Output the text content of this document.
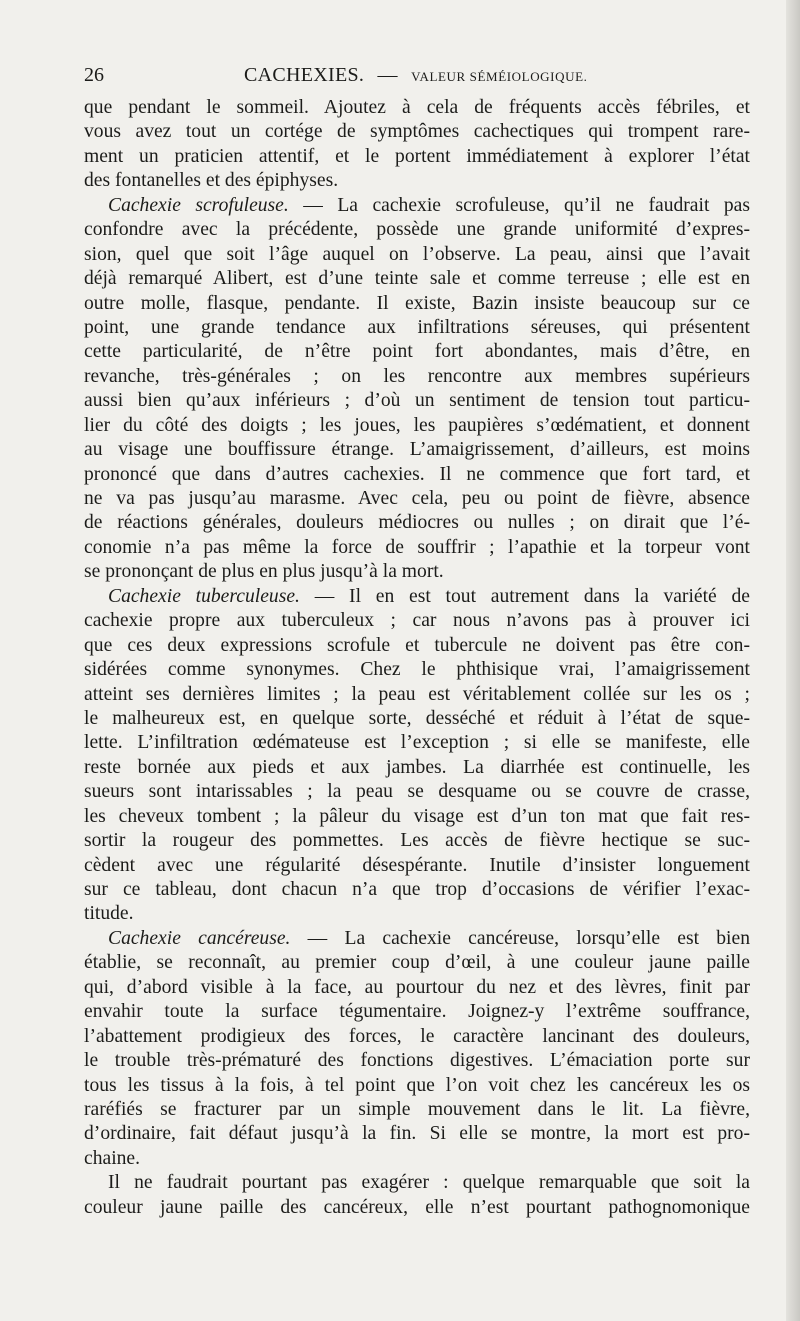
26	CACHEXIES. — VALEUR SÉMÉIOLOGIQUE.
que pendant le sommeil. Ajoutez à cela de fréquents accès fébriles, et
vous avez tout un cortége de symptômes cachectiques qui trompent rare-
ment un praticien attentif, et le portent immédiatement à explorer l’état
des fontanelles et des épiphyses.
Cachexie scrofuleuse. — La cachexie scrofuleuse, qu’il ne faudrait pas
confondre avec la précédente, possède une grande uniformité d’expres-
sion, quel que soit l’âge auquel on l’observe. La peau, ainsi que l’avait
déjà remarqué Alibert, est d’une teinte sale et comme terreuse ; elle est en
outre molle, flasque, pendante. Il existe, Bazin insiste beaucoup sur ce
point, une grande tendance aux infiltrations séreuses, qui présentent
cette particularité, de n’être point fort abondantes, mais d’être, en
revanche, très-générales ; on les rencontre aux membres supérieurs
aussi bien qu’aux inférieurs ; d’où un sentiment de tension tout particu-
lier du côté des doigts ; les joues, les paupières s’œdématient, et donnent
au visage une bouffissure étrange. L’amaigrissement, d’ailleurs, est moins
prononcé que dans d’autres cachexies. Il ne commence que fort tard, et
ne va pas jusqu’au marasme. Avec cela, peu ou point de fièvre, absence
de réactions générales, douleurs médiocres ou nulles ; on dirait que l’é-
conomie n’a pas même la force de souffrir ; l’apathie et la torpeur vont
se prononçant de plus en plus jusqu’à la mort.
Cachexie tuberculeuse. — Il en est tout autrement dans la variété de
cachexie propre aux tuberculeux ; car nous n’avons pas à prouver ici
que ces deux expressions scrofule et tubercule ne doivent pas être con-
sidérées comme synonymes. Chez le phthisique vrai, l’amaigrissement
atteint ses dernières limites ; la peau est véritablement collée sur les os ;
le malheureux est, en quelque sorte, desséché et réduit à l’état de sque-
lette. L’infiltration œdémateuse est l’exception ; si elle se manifeste, elle
reste bornée aux pieds et aux jambes. La diarrhée est continuelle, les
sueurs sont intarissables ; la peau se desquame ou se couvre de crasse,
les cheveux tombent ; la pâleur du visage est d’un ton mat que fait res-
sortir la rougeur des pommettes. Les accès de fièvre hectique se suc-
cèdent avec une régularité désespérante. Inutile d’insister longuement
sur ce tableau, dont chacun n’a que trop d’occasions de vérifier l’exac-
titude.
Cachexie cancéreuse. — La cachexie cancéreuse, lorsqu’elle est bien
établie, se reconnaît, au premier coup d’œil, à une couleur jaune paille
qui, d’abord visible à la face, au pourtour du nez et des lèvres, finit par
envahir toute la surface tégumentaire. Joignez-y l’extrême souffrance,
l’abattement prodigieux des forces, le caractère lancinant des douleurs,
le trouble très-prématuré des fonctions digestives. L’émaciation porte sur
tous les tissus à la fois, à tel point que l’on voit chez les cancéreux les os
raréfiés se fracturer par un simple mouvement dans le lit. La fièvre,
d’ordinaire, fait défaut jusqu’à la fin. Si elle se montre, la mort est pro-
chaine.
Il ne faudrait pourtant pas exagérer : quelque remarquable que soit la
couleur jaune paille des cancéreux, elle n’est pourtant pathognomonique
